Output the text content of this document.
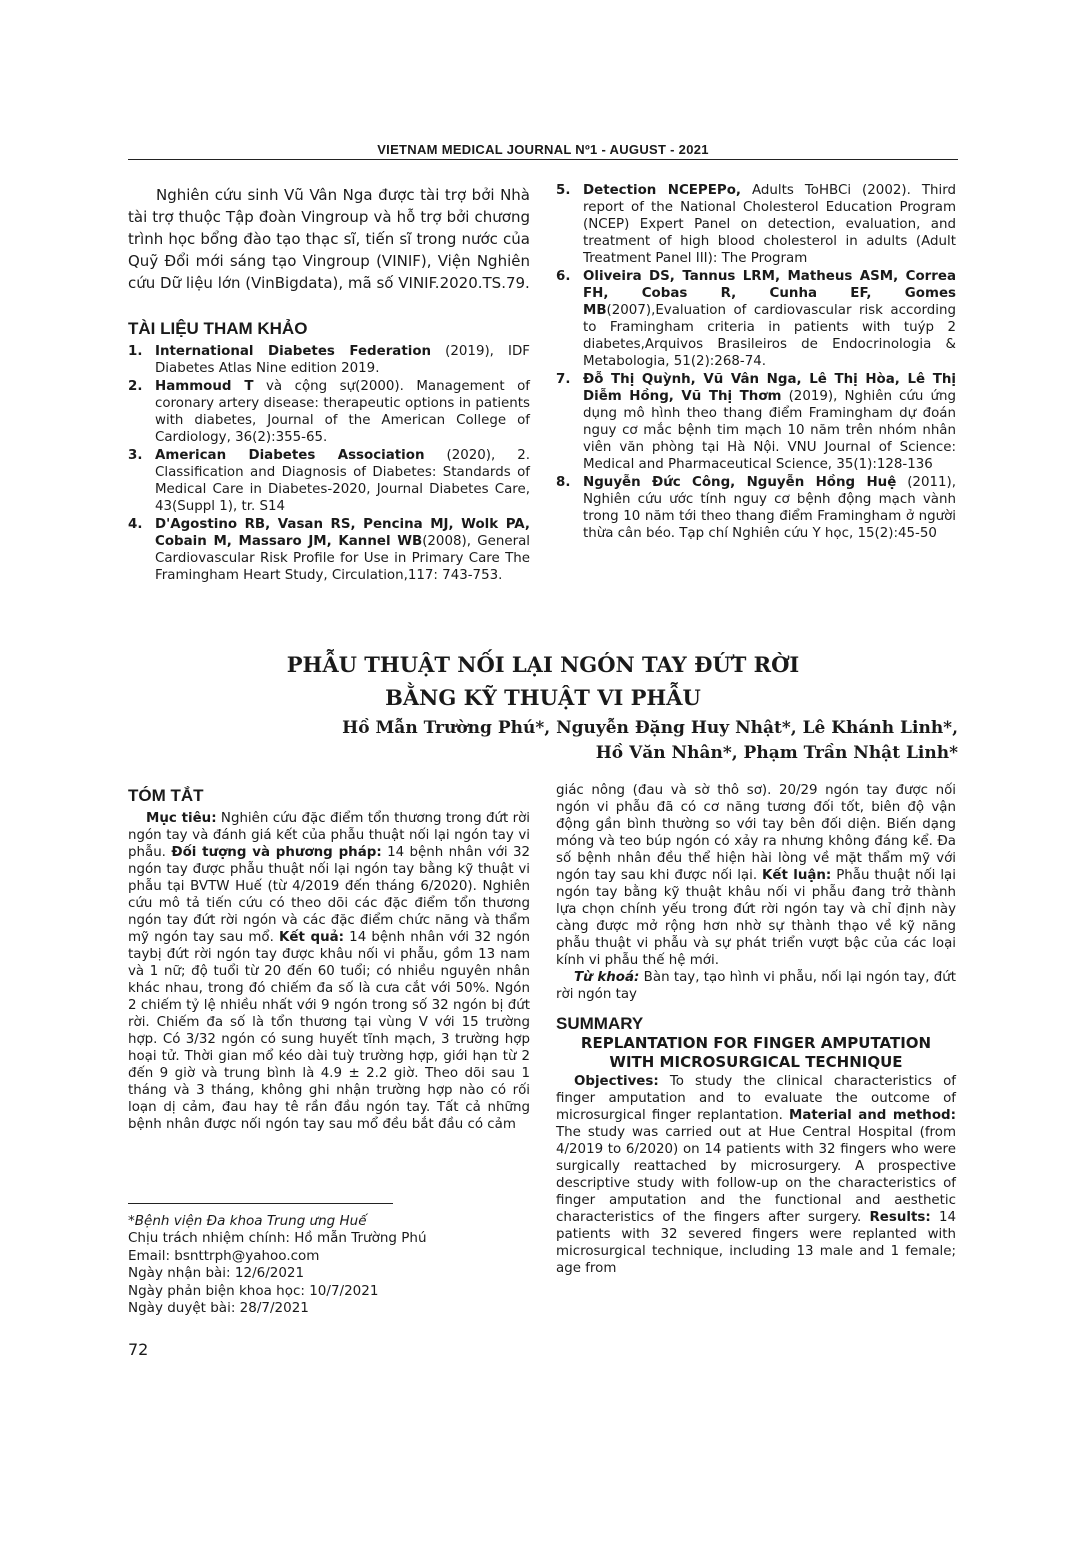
VIETNAM MEDICAL JOURNAL Nº1 - AUGUST - 2021

Nghiên cứu sinh Vũ Vân Nga được tài trợ bởi Nhà tài trợ thuộc Tập đoàn Vingroup và hỗ trợ bởi chương trình học bổng đào tạo thạc sĩ, tiến sĩ trong nước của Quỹ Đổi mới sáng tạo Vingroup (VINIF), Viện Nghiên cứu Dữ liệu lớn (VinBigdata), mã số VINIF.2020.TS.79.

TÀI LIỆU THAM KHẢO
1. International Diabetes Federation (2019), IDF Diabetes Atlas Nine edition 2019.
2. Hammoud T và cộng sự(2000). Management of coronary artery disease: therapeutic options in patients with diabetes, Journal of the American College of Cardiology, 36(2):355-65.
3. American Diabetes Association (2020), 2. Classification and Diagnosis of Diabetes: Standards of Medical Care in Diabetes-2020, Journal Diabetes Care, 43(Suppl 1), tr. S14
4. D'Agostino RB, Vasan RS, Pencina MJ, Wolk PA, Cobain M, Massaro JM, Kannel WB(2008), General Cardiovascular Risk Profile for Use in Primary Care The Framingham Heart Study, Circulation,117: 743-753.
5. Detection NCEPEPo, Adults ToHBCi (2002). Third report of the National Cholesterol Education Program (NCEP) Expert Panel on detection, evaluation, and treatment of high blood cholesterol in adults (Adult Treatment Panel III): The Program
6. Oliveira DS, Tannus LRM, Matheus ASM, Correa FH, Cobas R, Cunha EF, Gomes MB(2007),Evaluation of cardiovascular risk according to Framingham criteria in patients with tuýp 2 diabetes,Arquivos Brasileiros de Endocrinologia & Metabologia, 51(2):268-74.
7. Đỗ Thị Quỳnh, Vũ Vân Nga, Lê Thị Hòa, Lê Thị Diễm Hồng, Vũ Thị Thơm (2019), Nghiên cứu ứng dụng mô hình theo thang điểm Framingham dự đoán nguy cơ mắc bệnh tim mạch 10 năm trên nhóm nhân viên văn phòng tại Hà Nội. VNU Journal of Science: Medical and Pharmaceutical Science, 35(1):128-136
8. Nguyễn Đức Công, Nguyễn Hồng Huệ (2011), Nghiên cứu ước tính nguy cơ bệnh động mạch vành trong 10 năm tới theo thang điểm Framingham ở người thừa cân béo. Tạp chí Nghiên cứu Y học, 15(2):45-50
PHẪU THUẬT NỐI LẠI NGÓN TAY ĐỨT RỜI
BẰNG KỸ THUẬT VI PHẪU
Hồ Mẫn Trường Phú*, Nguyễn Đặng Huy Nhật*, Lê Khánh Linh*,
Hồ Văn Nhân*, Phạm Trần Nhật Linh*
TÓM TẮT

Mục tiêu: Nghiên cứu đặc điểm tổn thương trong đứt rời ngón tay và đánh giá kết của phẫu thuật nối lại ngón tay vi phẫu. Đối tượng và phương pháp: 14 bệnh nhân với 32 ngón tay được phẫu thuật nối lại ngón tay bằng kỹ thuật vi phẫu tại BVTW Huế (từ 4/2019 đến tháng 6/2020). Nghiên cứu mô tả tiến cứu có theo dõi các đặc điểm tổn thương ngón tay đứt rời ngón và các đặc điểm chức năng và thẩm mỹ ngón tay sau mổ. Kết quả: 14 bệnh nhân với 32 ngón taybị đứt rời ngón tay được khâu nối vi phẫu, gồm 13 nam và 1 nữ; độ tuổi từ 20 đến 60 tuổi; có nhiều nguyên nhân khác nhau, trong đó chiếm đa số là cưa cắt với 50%. Ngón 2 chiếm tỷ lệ nhiều nhất với 9 ngón trong số 32 ngón bị đứt rời. Chiếm đa số là tổn thương tại vùng V với 15 trường hợp. Có 3/32 ngón có sung huyết tĩnh mạch, 3 trường hợp hoại tử. Thời gian mổ kéo dài tuỳ trường hợp, giới hạn từ 2 đến 9 giờ và trung bình là 4.9 ± 2.2 giờ. Theo dõi sau 1 tháng và 3 tháng, không ghi nhận trường hợp nào có rối loạn dị cảm, đau hay tê rần đầu ngón tay. Tất cả những bệnh nhân được nối ngón tay sau mổ đều bắt đầu có cảm

giác nông (đau và sờ thô sơ). 20/29 ngón tay được nối ngón vi phẫu đã có cơ năng tương đối tốt, biên độ vận động gần bình thường so với tay bên đối diện. Biến dạng móng và teo búp ngón có xảy ra nhưng không đáng kể. Đa số bệnh nhân đều thể hiện hài lòng về mặt thẩm mỹ với ngón tay sau khi được nối lại. Kết luận: Phẫu thuật nối lại ngón tay bằng kỹ thuật khâu nối vi phẫu đang trở thành lựa chọn chính yếu trong đứt rời ngón tay và chỉ định này càng được mở rộng hơn nhờ sự thành thạo về kỹ năng phẫu thuật vi phẫu và sự phát triển vượt bậc của các loại kính vi phẫu thế hệ mới.

Từ khoá: Bàn tay, tạo hình vi phẫu, nối lại ngón tay, đứt rời ngón tay

SUMMARY
REPLANTATION FOR FINGER AMPUTATION
WITH MICROSURGICAL TECHNIQUE

Objectives: To study the clinical characteristics of finger amputation and to evaluate the outcome of microsurgical finger replantation. Material and method: The study was carried out at Hue Central Hospital (from 4/2019 to 6/2020) on 14 patients with 32 fingers who were surgically reattached by microsurgery. A prospective descriptive study with follow-up on the characteristics of finger amputation and the functional and aesthetic characteristics of the fingers after surgery. Results: 14 patients with 32 severed fingers were replanted with microsurgical technique, including 13 male and 1 female; age from

*Bệnh viện Đa khoa Trung ưng Huế
Chịu trách nhiệm chính: Hồ mẫn Trường Phú
Email: bsnttrph@yahoo.com
Ngày nhận bài: 12/6/2021
Ngày phản biện khoa học: 10/7/2021
Ngày duyệt bài: 28/7/2021
72
